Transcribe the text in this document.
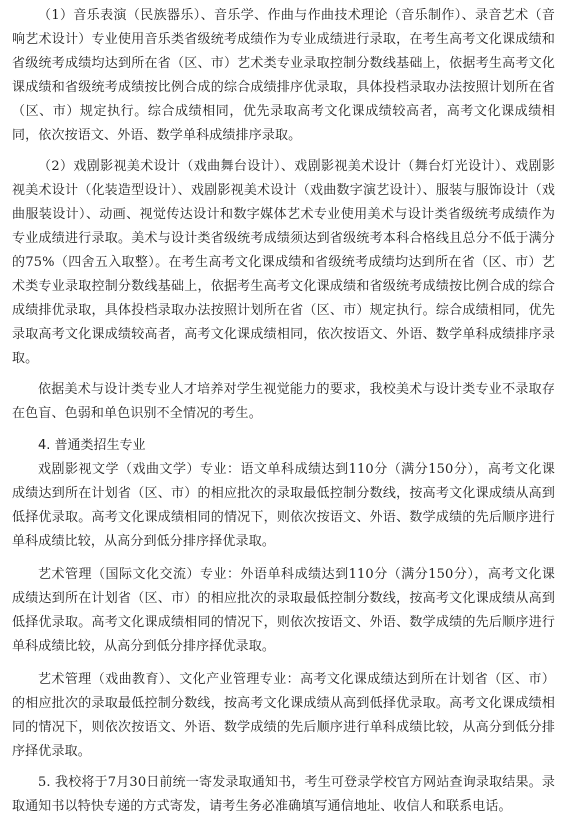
（1）音乐表演（民族器乐）、音乐学、作曲与作曲技术理论（音乐制作）、录音艺术（音响艺术设计）专业使用音乐类省级统考成绩作为专业成绩进行录取，在考生高考文化课成绩和省级统考成绩均达到所在省（区、市）艺术类专业录取控制分数线基础上，依据考生高考文化课成绩和省级统考成绩按比例合成的综合成绩排序优录取，具体投档录取办法按照计划所在省（区、市）规定执行。综合成绩相同，优先录取高考文化课成绩较高者，高考文化课成绩相同，依次按语文、外语、数学单科成绩排序录取。

（2）戏剧影视美术设计（戏曲舞台设计）、戏剧影视美术设计（舞台灯光设计）、戏剧影视美术设计（化装造型设计）、戏剧影视美术设计（戏曲数字演艺设计）、服装与服饰设计（戏曲服装设计）、动画、视觉传达设计和数字媒体艺术专业使用美术与设计类省级统考成绩作为专业成绩进行录取。美术与设计类省级统考成绩须达到省级统考本科合格线且总分不低于满分的75%（四舍五入取整）。在考生高考文化课成绩和省级统考成绩均达到所在省（区、市）艺术类专业录取控制分数线基础上，依据考生高考文化课成绩和省级统考成绩按比例合成的综合成绩排优录取，具体投档录取办法按照计划所在省（区、市）规定执行。综合成绩相同，优先录取高考文化课成绩较高者，高考文化课成绩相同，依次按语文、外语、数学单科成绩排序录取。

依据美术与设计类专业人才培养对学生视觉能力的要求，我校美术与设计类专业不录取存在色盲、色弱和单色识别不全情况的考生。

4. 普通类招生专业

戏剧影视文学（戏曲文学）专业：语文单科成绩达到110分（满分150分），高考文化课成绩达到所在计划省（区、市）的相应批次的录取最低控制分数线，按高考文化课成绩从高到低择优录取。高考文化课成绩相同的情况下，则依次按语文、外语、数学成绩的先后顺序进行单科成绩比较，从高分到低分排序择优录取。

艺术管理（国际文化交流）专业：外语单科成绩达到110分（满分150分），高考文化课成绩达到所在计划省（区、市）的相应批次的录取最低控制分数线，按高考文化课成绩从高到低择优录取。高考文化课成绩相同的情况下，则依次按语文、外语、数学成绩的先后顺序进行单科成绩比较，从高分到低分排序择优录取。

艺术管理（戏曲教育）、文化产业管理专业：高考文化课成绩达到所在计划省（区、市）的相应批次的录取最低控制分数线，按高考文化课成绩从高到低择优录取。高考文化课成绩相同的情况下，则依次按语文、外语、数学成绩的先后顺序进行单科成绩比较，从高分到低分排序择优录取。

5. 我校将于7月30日前统一寄发录取通知书，考生可登录学校官方网站查询录取结果。录取通知书以特快专递的方式寄发，请考生务必准确填写通信地址、收信人和联系电话。
